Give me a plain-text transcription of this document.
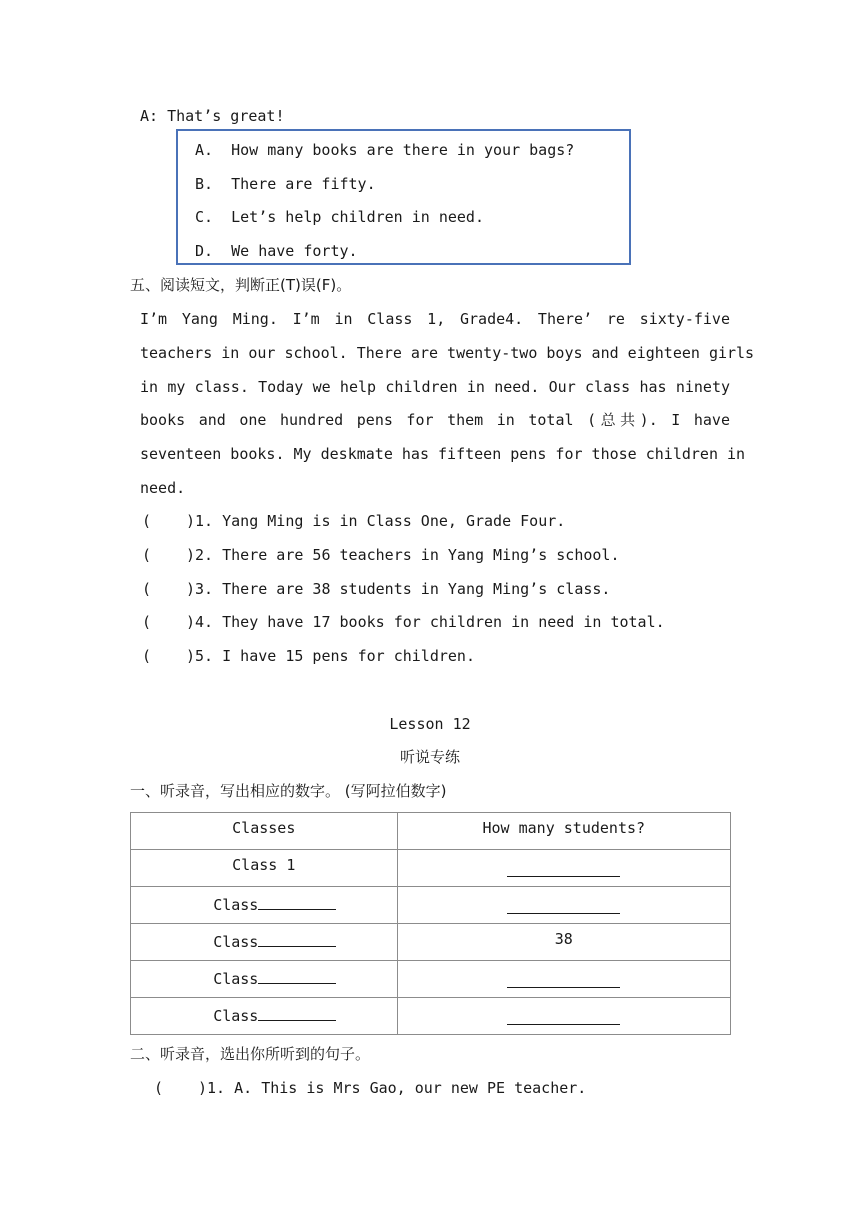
A: That’s great!
A.  How many books are there in your bags?
B.  There are fifty.
C.  Let’s help children in need.
D.  We have forty.
五、阅读短文，判断正(T)误(F)。
I’m Yang Ming. I’m in Class 1, Grade4. There’ re sixty-five
teachers in our school. There are twenty-two boys and eighteen girls
in my class. Today we help children in need. Our class has ninety
books and one hundred pens for them in total (总共). I have
seventeen books. My deskmate has fifteen pens for those children in
need.
( )1. Yang Ming is in Class One, Grade Four.
( )2. There are 56 teachers in Yang Ming’s school.
( )3. There are 38 students in Yang Ming’s class.
( )4. They have 17 books for children in need in total.
( )5. I have 15 pens for children.
Lesson 12
听说专练
一、听录音，写出相应的数字。 (写阿拉伯数字)
Classes	How many students?
Class 1	
Class	
Class	38
Class	
Class	
二、听录音，选出你所听到的句子。
( )1. A. This is Mrs Gao, our new PE teacher.
